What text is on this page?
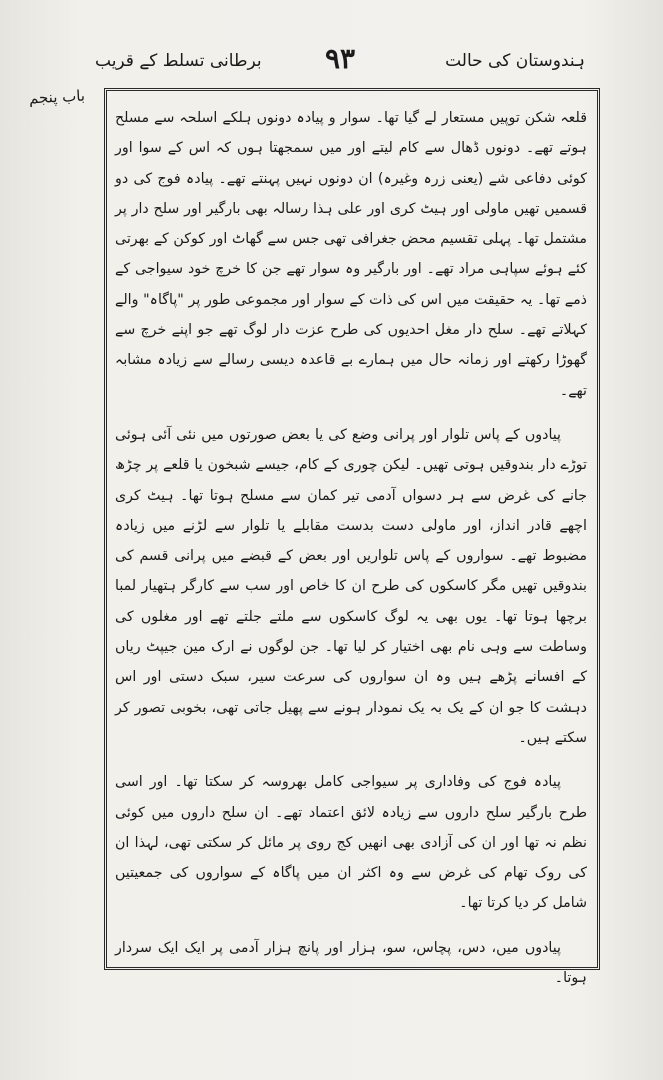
ہندوستان کی حالت
۹۳
برطانی تسلط کے قریب
باب پنجم

قلعہ شکن توپیں مستعار لے گیا تھا۔ سوار و پیادہ دونوں ہلکے اسلحہ سے مسلح ہوتے تھے۔ دونوں ڈھال سے کام لیتے اور میں سمجھتا ہوں کہ اس کے سوا اور کوئی دفاعی شے (یعنی زرہ وغیرہ) ان دونوں نہیں پہنتے تھے۔ پیادہ فوج کی دو قسمیں تھیں ماولی اور ہیٹ کری اور علی ہذا رسالہ بھی بارگیر اور سلح دار پر مشتمل تھا۔ پہلی تقسیم محض جغرافی تھی جس سے گھاٹ اور کوکن کے بھرتی کئے ہوئے سپاہی مراد تھے۔ اور بارگیر وہ سوار تھے جن کا خرچ خود سیواجی کے ذمے تھا۔ یہ حقیقت میں اس کی ذات کے سوار اور مجموعی طور پر "پاگاہ" والے کہلاتے تھے۔ سلح دار مغل احدیوں کی طرح عزت دار لوگ تھے جو اپنے خرچ سے گھوڑا رکھتے اور زمانہ حال میں ہمارے بے قاعدہ دیسی رسالے سے زیادہ مشابہ تھے۔

پیادوں کے پاس تلوار اور پرانی وضع کی یا بعض صورتوں میں نئی آئی ہوئی توڑے دار بندوقیں ہوتی تھیں۔ لیکن چوری کے کام، جیسے شبخون یا قلعے پر چڑھ جانے کی غرض سے ہر دسواں آدمی تیر کمان سے مسلح ہوتا تھا۔ ہیٹ کری اچھے قادر انداز، اور ماولی دست بدست مقابلے یا تلوار سے لڑنے میں زیادہ مضبوط تھے۔ سواروں کے پاس تلواریں اور بعض کے قبضے میں پرانی قسم کی بندوقیں تھیں مگر کاسکوں کی طرح ان کا خاص اور سب سے کارگر ہتھیار لمبا برچھا ہوتا تھا۔ یوں بھی یہ لوگ کاسکوں سے ملتے جلتے تھے اور مغلوں کی وساطت سے وہی نام بھی اختیار کر لیا تھا۔ جن لوگوں نے ارک مین جیپٹ ریاں کے افسانے پڑھے ہیں وہ ان سواروں کی سرعت سیر، سبک دستی اور اس دہشت کا جو ان کے یک بہ یک نمودار ہونے سے پھیل جاتی تھی، بخوبی تصور کر سکتے ہیں۔

پیادہ فوج کی وفاداری پر سیواجی کامل بھروسہ کر سکتا تھا۔ اور اسی طرح بارگیر سلح داروں سے زیادہ لائق اعتماد تھے۔ ان سلح داروں میں کوئی نظم نہ تھا اور ان کی آزادی بھی انھیں کج روی پر مائل کر سکتی تھی، لہذا ان کی روک تھام کی غرض سے وہ اکثر ان میں پاگاہ کے سواروں کی جمعیتیں شامل کر دیا کرتا تھا۔

پیادوں میں، دس، پچاس، سو، ہزار اور پانچ ہزار آدمی پر ایک ایک سردار ہوتا۔
